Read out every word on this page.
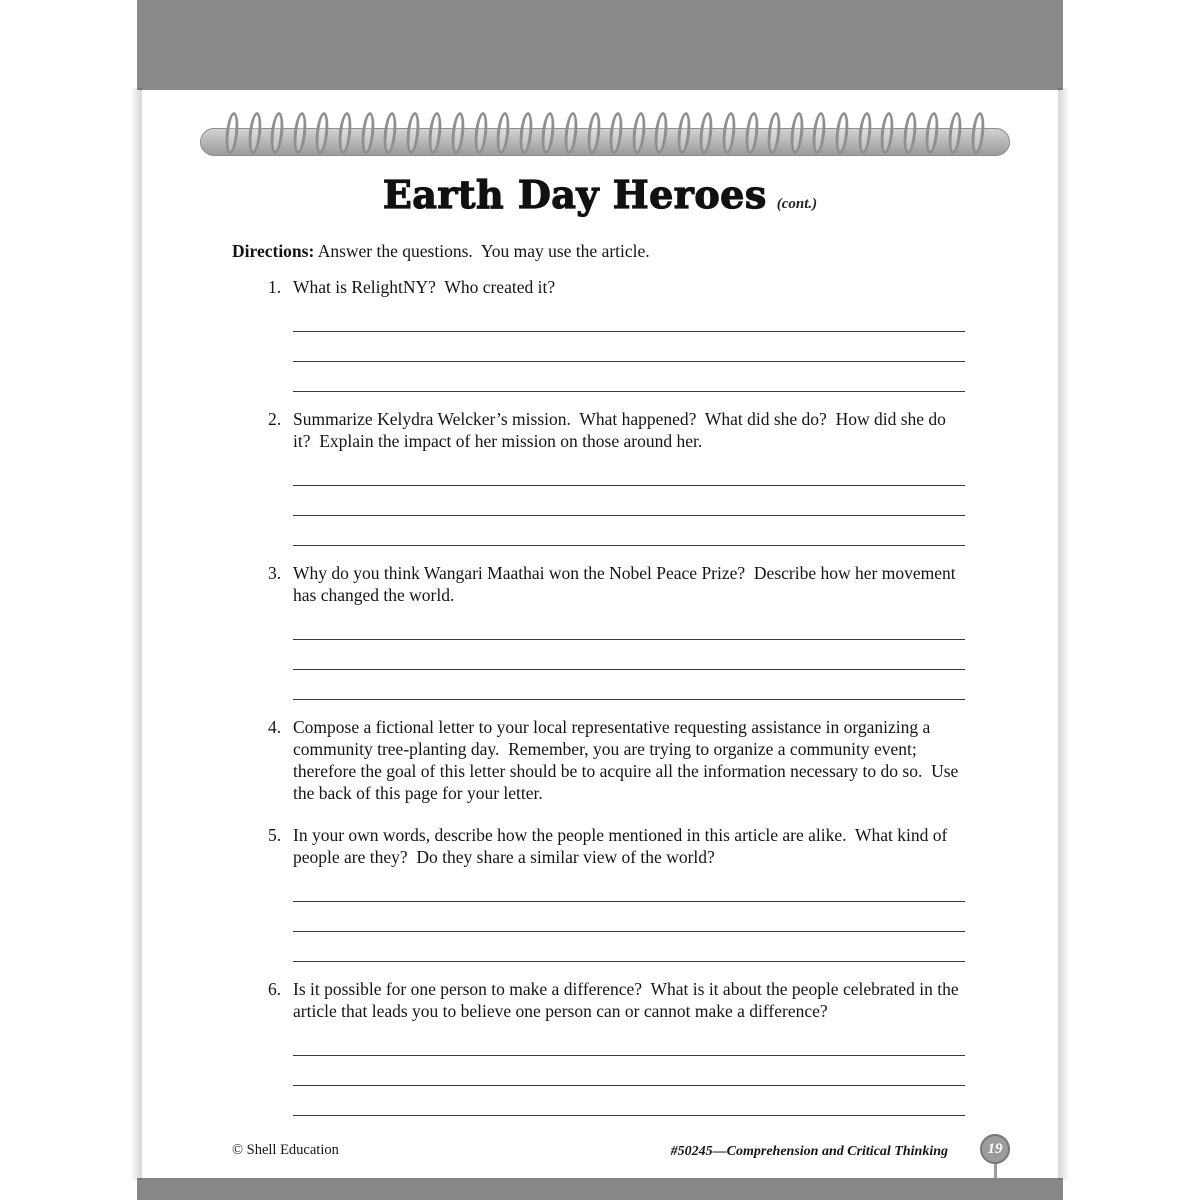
Earth Day Heroes (cont.)

Directions: Answer the questions.  You may use the article.

1. What is RelightNY?  Who created it?

2. Summarize Kelydra Welcker’s mission.  What happened?  What did she do?  How did she do it?  Explain the impact of her mission on those around her.

3. Why do you think Wangari Maathai won the Nobel Peace Prize?  Describe how her movement has changed the world.

4. Compose a fictional letter to your local representative requesting assistance in organizing a community tree-planting day.  Remember, you are trying to organize a community event; therefore the goal of this letter should be to acquire all the information necessary to do so.  Use the back of this page for your letter.

5. In your own words, describe how the people mentioned in this article are alike.  What kind of people are they?  Do they share a similar view of the world?

6. Is it possible for one person to make a difference?  What is it about the people celebrated in the article that leads you to believe one person can or cannot make a difference?

© Shell Education	#50245—Comprehension and Critical Thinking	19
